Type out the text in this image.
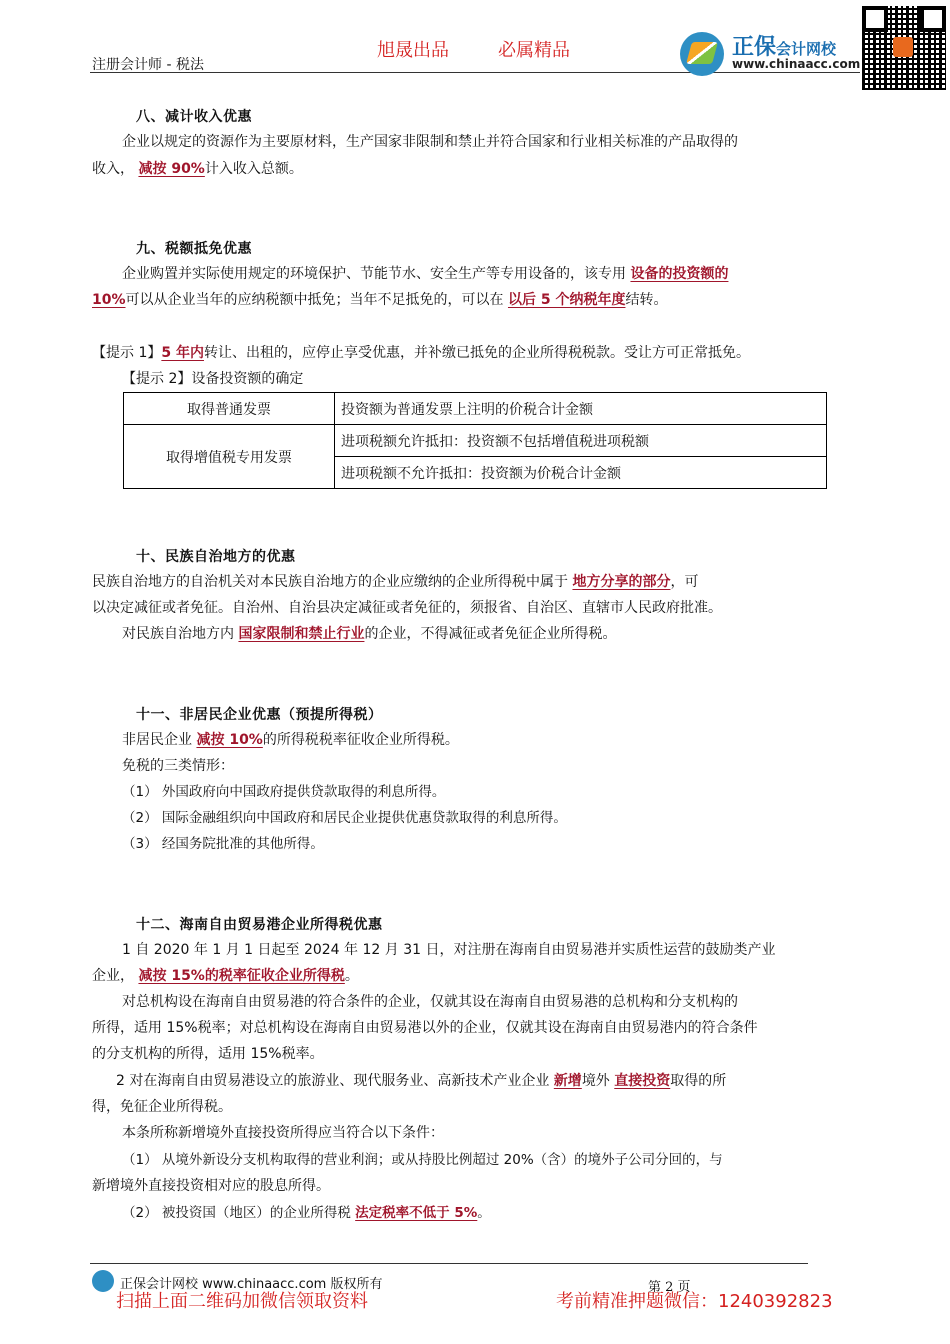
注册会计师 - 税法
旭晟出品	必属精品	正保会计网校
www.chinaacc.com
八、减计收入优惠
企业以规定的资源作为主要原材料，生产国家非限制和禁止并符合国家和行业相关标准的产品取得的
收入， 减按 90%计入收入总额。
九、税额抵免优惠
企业购置并实际使用规定的环境保护、节能节水、安全生产等专用设备的，该专用 设备的投资额的
10%可以从企业当年的应纳税额中抵免；当年不足抵免的，可以在 以后 5 个纳税年度结转。
【提示 1】5 年内转让、出租的，应停止享受优惠，并补缴已抵免的企业所得税税款。受让方可正常抵免。
【提示 2】设备投资额的确定
取得普通发票	投资额为普通发票上注明的价税合计金额
取得增值税专用发票	进项税额允许抵扣：投资额不包括增值税进项税额
	进项税额不允许抵扣：投资额为价税合计金额
十、民族自治地方的优惠
民族自治地方的自治机关对本民族自治地方的企业应缴纳的企业所得税中属于 地方分享的部分，可
以决定减征或者免征。自治州、自治县决定减征或者免征的，须报省、自治区、直辖市人民政府批准。
对民族自治地方内 国家限制和禁止行业的企业，不得减征或者免征企业所得税。
十一、非居民企业优惠（预提所得税）
非居民企业 减按 10%的所得税税率征收企业所得税。
免税的三类情形：
（1） 外国政府向中国政府提供贷款取得的利息所得。
（2） 国际金融组织向中国政府和居民企业提供优惠贷款取得的利息所得。
（3） 经国务院批准的其他所得。
十二、海南自由贸易港企业所得税优惠
1 自 2020 年 1 月 1 日起至 2024 年 12 月 31 日，对注册在海南自由贸易港并实质性运营的鼓励类产业
企业， 减按 15%的税率征收企业所得税。
对总机构设在海南自由贸易港的符合条件的企业，仅就其设在海南自由贸易港的总机构和分支机构的
所得，适用 15%税率；对总机构设在海南自由贸易港以外的企业，仅就其设在海南自由贸易港内的符合条件
的分支机构的所得，适用 15%税率。
2 对在海南自由贸易港设立的旅游业、现代服务业、高新技术产业企业 新增境外 直接投资取得的所
得，免征企业所得税。
本条所称新增境外直接投资所得应当符合以下条件：
（1） 从境外新设分支机构取得的营业利润；或从持股比例超过 20%（含）的境外子公司分回的，与
新增境外直接投资相对应的股息所得。
（2） 被投资国（地区）的企业所得税 法定税率不低于 5%。
正保会计网校 www.chinaacc.com 版权所有	第 2 页
扫描上面二维码加微信领取资料	考前精准押题微信：1240392823
